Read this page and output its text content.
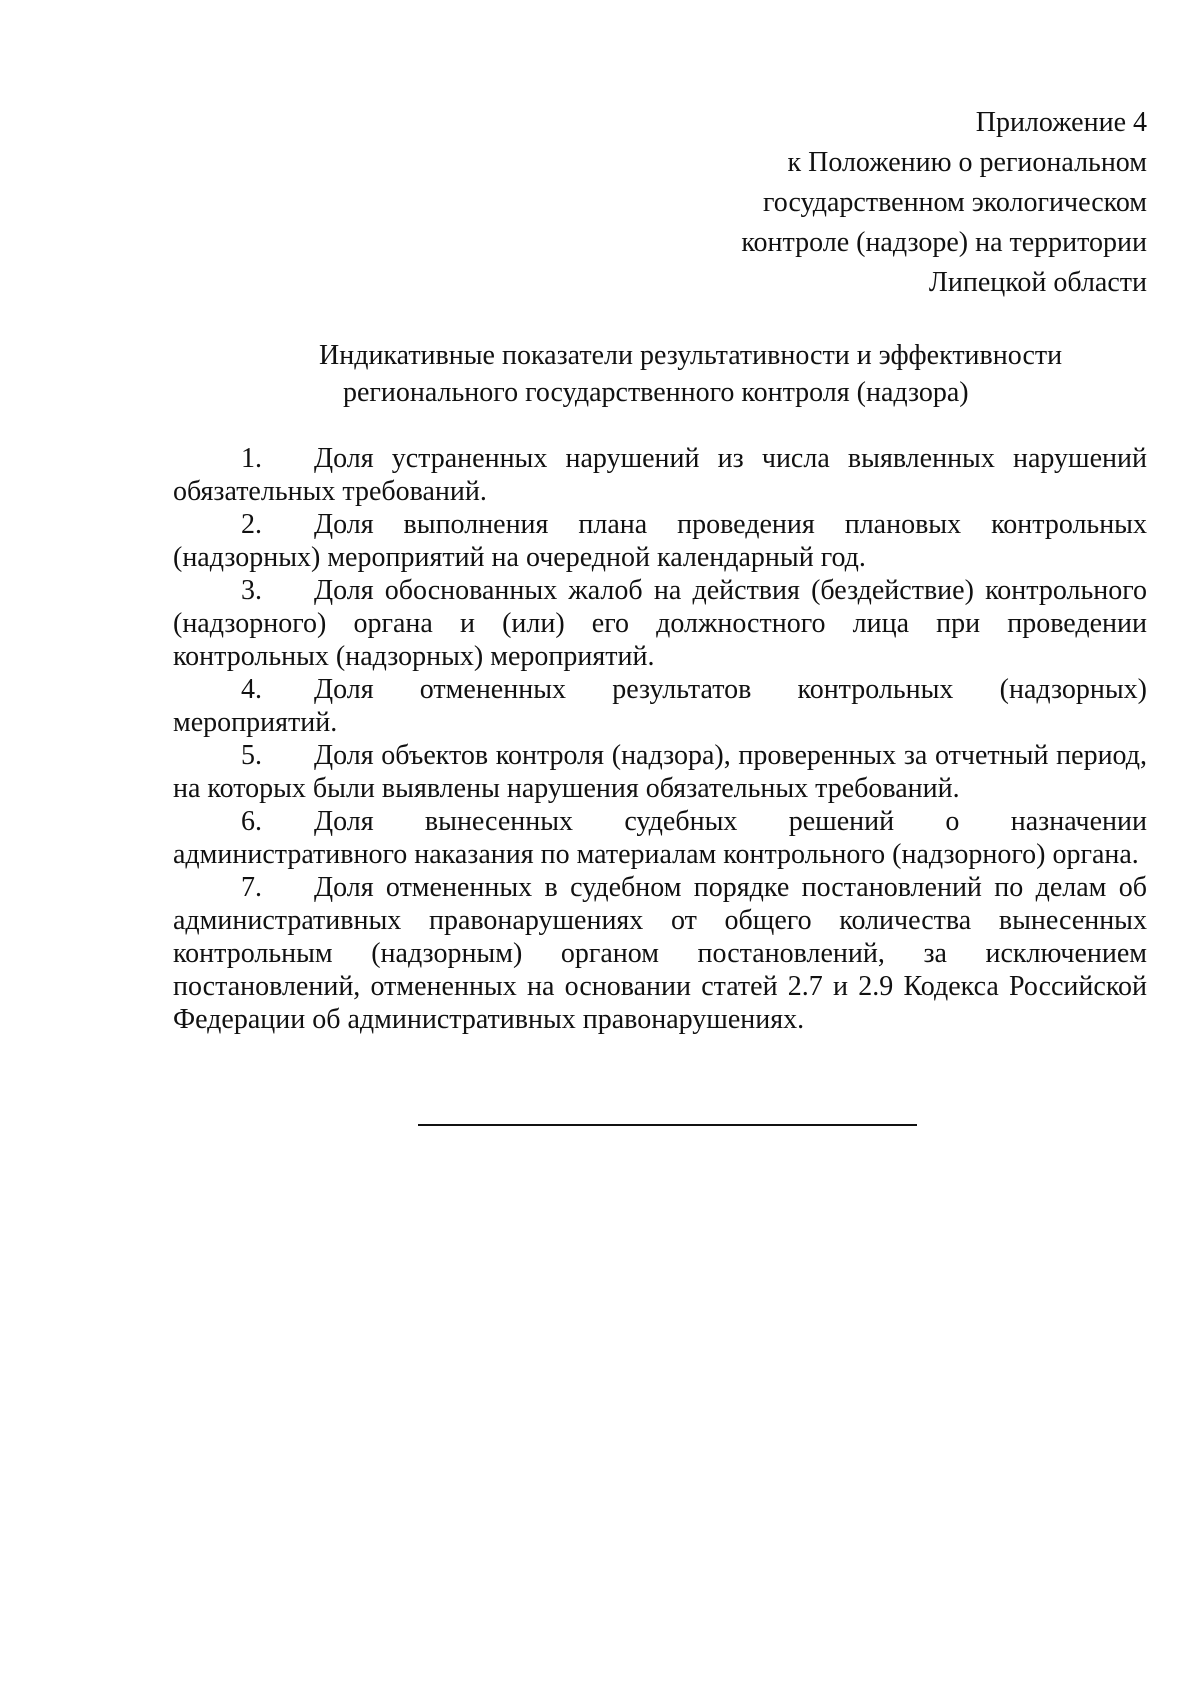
Приложение 4
к Положению о региональном
государственном экологическом
контроле (надзоре) на территории
Липецкой области
Индикативные показатели результативности и эффективности
регионального государственного контроля (надзора)

1. Доля устраненных нарушений из числа выявленных нарушений обязательных требований.

2. Доля выполнения плана проведения плановых контрольных (надзорных) мероприятий на очередной календарный год.

3. Доля обоснованных жалоб на действия (бездействие) контрольного (надзорного) органа и (или) его должностного лица при проведении контрольных (надзорных) мероприятий.

4. Доля отмененных результатов контрольных (надзорных) мероприятий.

5. Доля объектов контроля (надзора), проверенных за отчетный период, на которых были выявлены нарушения обязательных требований.

6. Доля вынесенных судебных решений о назначении административного наказания по материалам контрольного (надзорного) органа.

7. Доля отмененных в судебном порядке постановлений по делам об административных правонарушениях от общего количества вынесенных контрольным (надзорным) органом постановлений, за исключением постановлений, отмененных на основании статей 2.7 и 2.9 Кодекса Российской Федерации об административных правонарушениях.
